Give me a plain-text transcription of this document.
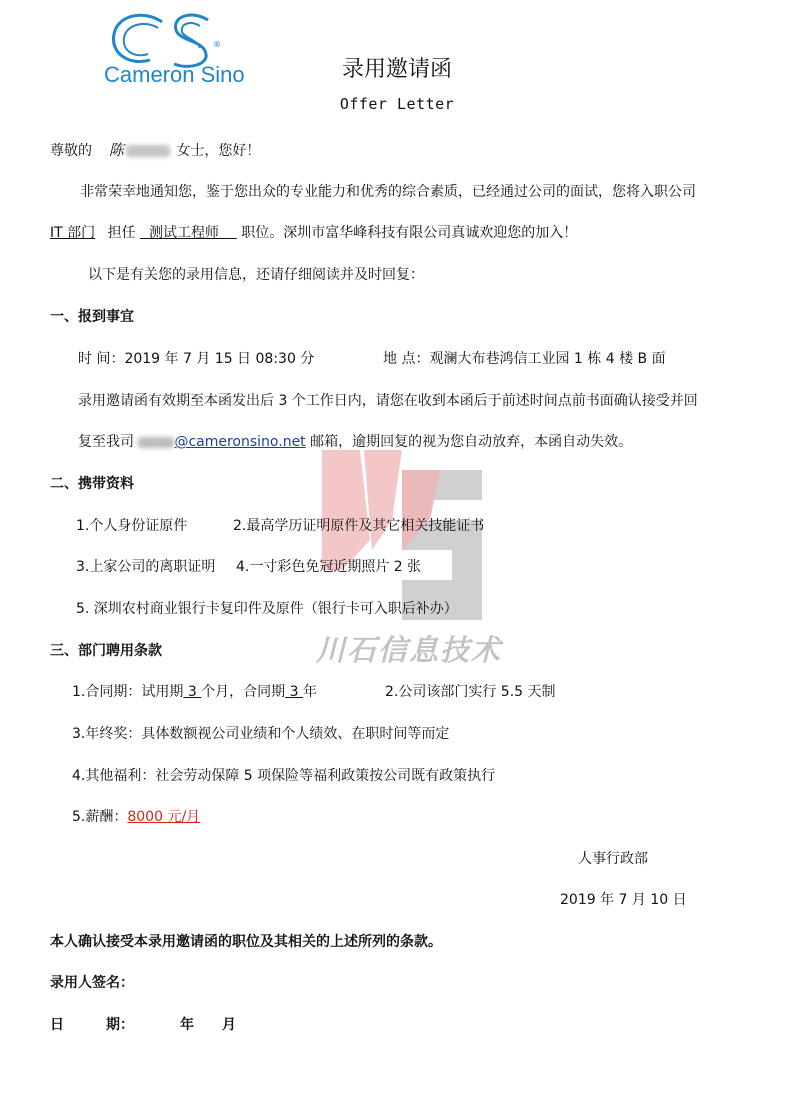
Cameron Sino
®
录用邀请函
Offer Letter
川石信息技术
尊敬的 陈	女士，您好！
非常荣幸地通知您，鉴于您出众的专业能力和优秀的综合素质，已经通过公司的面试，您将入职公司
IT 部门 担任 测试工程师 职位。深圳市富华峰科技有限公司真诚欢迎您的加入！
以下是有关您的录用信息，还请仔细阅读并及时回复：
一、报到事宜
时 间：2019 年 7 月 15 日 08:30 分	地 点：观澜大布巷鸿信工业园 1 栋 4 楼 B 面
录用邀请函有效期至本函发出后 3 个工作日内，请您在收到本函后于前述时间点前书面确认接受并回
复至我司	@cameronsino.net 邮箱，逾期回复的视为您自动放弃，本函自动失效。
二、携带资料
1.个人身份证原件	2.最高学历证明原件及其它相关技能证书
3.上家公司的离职证明 4.一寸彩色免冠近期照片 2 张
5. 深圳农村商业银行卡复印件及原件（银行卡可入职后补办）
三、部门聘用条款
1.合同期：试用期 3 个月，合同期 3 年	2.公司该部门实行 5.5 天制
3.年终奖：具体数额视公司业绩和个人绩效、在职时间等而定
4.其他福利：社会劳动保障 5 项保险等福利政策按公司既有政策执行
5.薪酬：8000 元/月
人事行政部
2019 年 7 月 10 日
本人确认接受本录用邀请函的职位及其相关的上述所列的条款。
录用人签名：
日	期：	年 月
